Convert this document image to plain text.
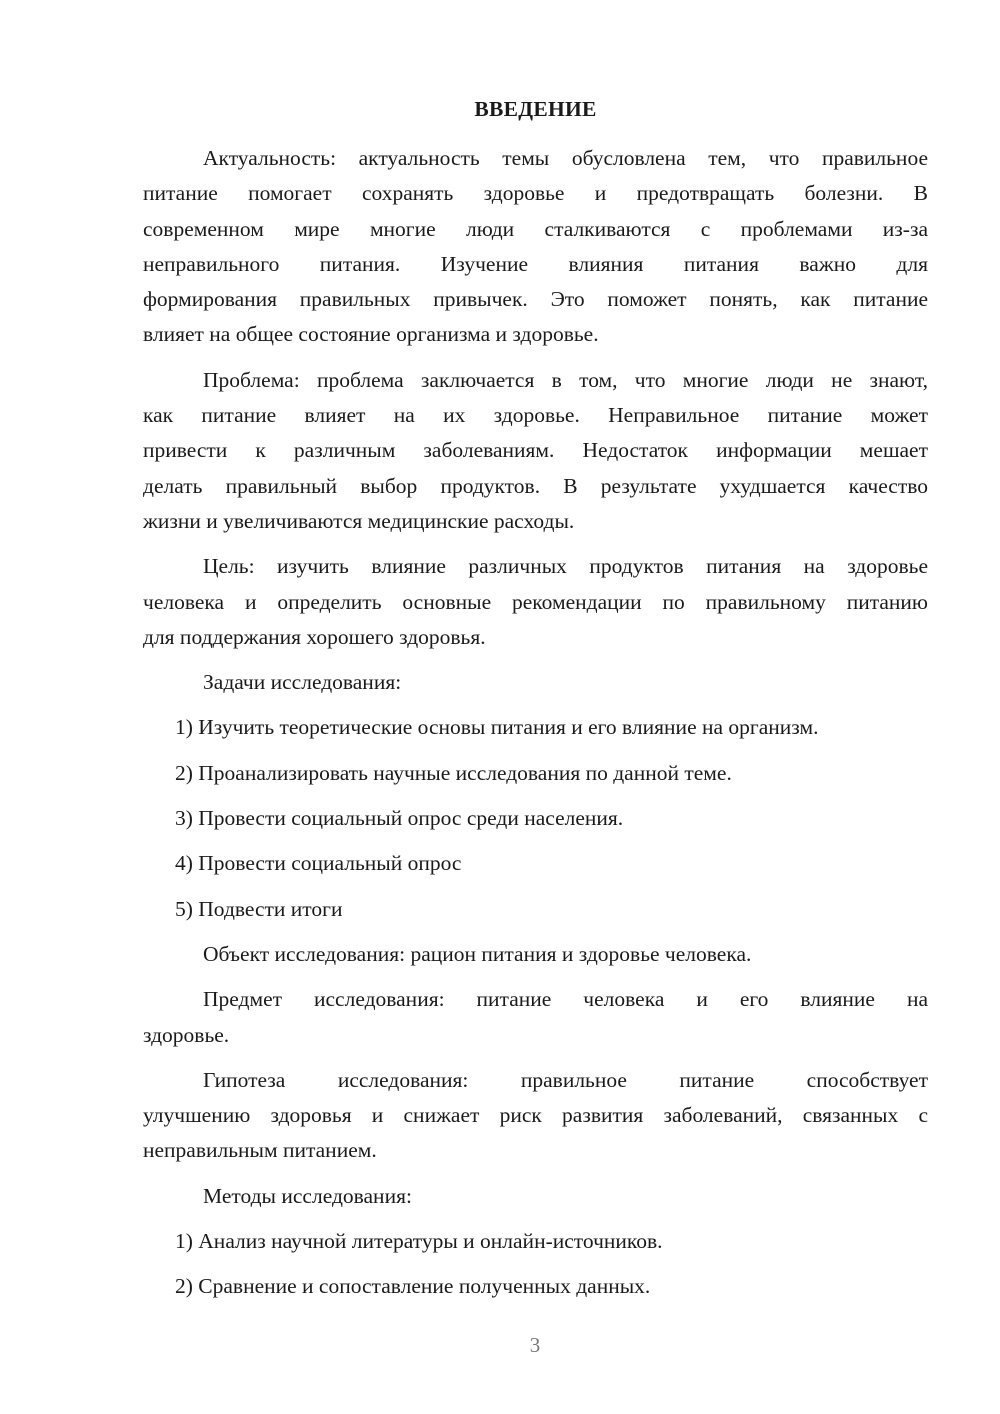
ВВЕДЕНИЕ
Актуальность: актуальность темы обусловлена тем, что правильное
питание помогает сохранять здоровье и предотвращать болезни. В
современном мире многие люди сталкиваются с проблемами из-за
неправильного питания. Изучение влияния питания важно для
формирования правильных привычек. Это поможет понять, как питание
влияет на общее состояние организма и здоровье.
Проблема: проблема заключается в том, что многие люди не знают,
как питание влияет на их здоровье. Неправильное питание может
привести к различным заболеваниям. Недостаток информации мешает
делать правильный выбор продуктов. В результате ухудшается качество
жизни и увеличиваются медицинские расходы.
Цель: изучить влияние различных продуктов питания на здоровье
человека и определить основные рекомендации по правильному питанию
для поддержания хорошего здоровья.
Задачи исследования:
1) Изучить теоретические основы питания и его влияние на организм.
2) Проанализировать научные исследования по данной теме.
3) Провести социальный опрос среди населения.
4) Провести социальный опрос
5) Подвести итоги
Объект исследования: рацион питания и здоровье человека.
Предмет исследования: питание человека и его влияние на
здоровье.
Гипотеза исследования: правильное питание способствует
улучшению здоровья и снижает риск развития заболеваний, связанных с
неправильным питанием.
Методы исследования:
1) Анализ научной литературы и онлайн-источников.
2) Сравнение и сопоставление полученных данных.
3
